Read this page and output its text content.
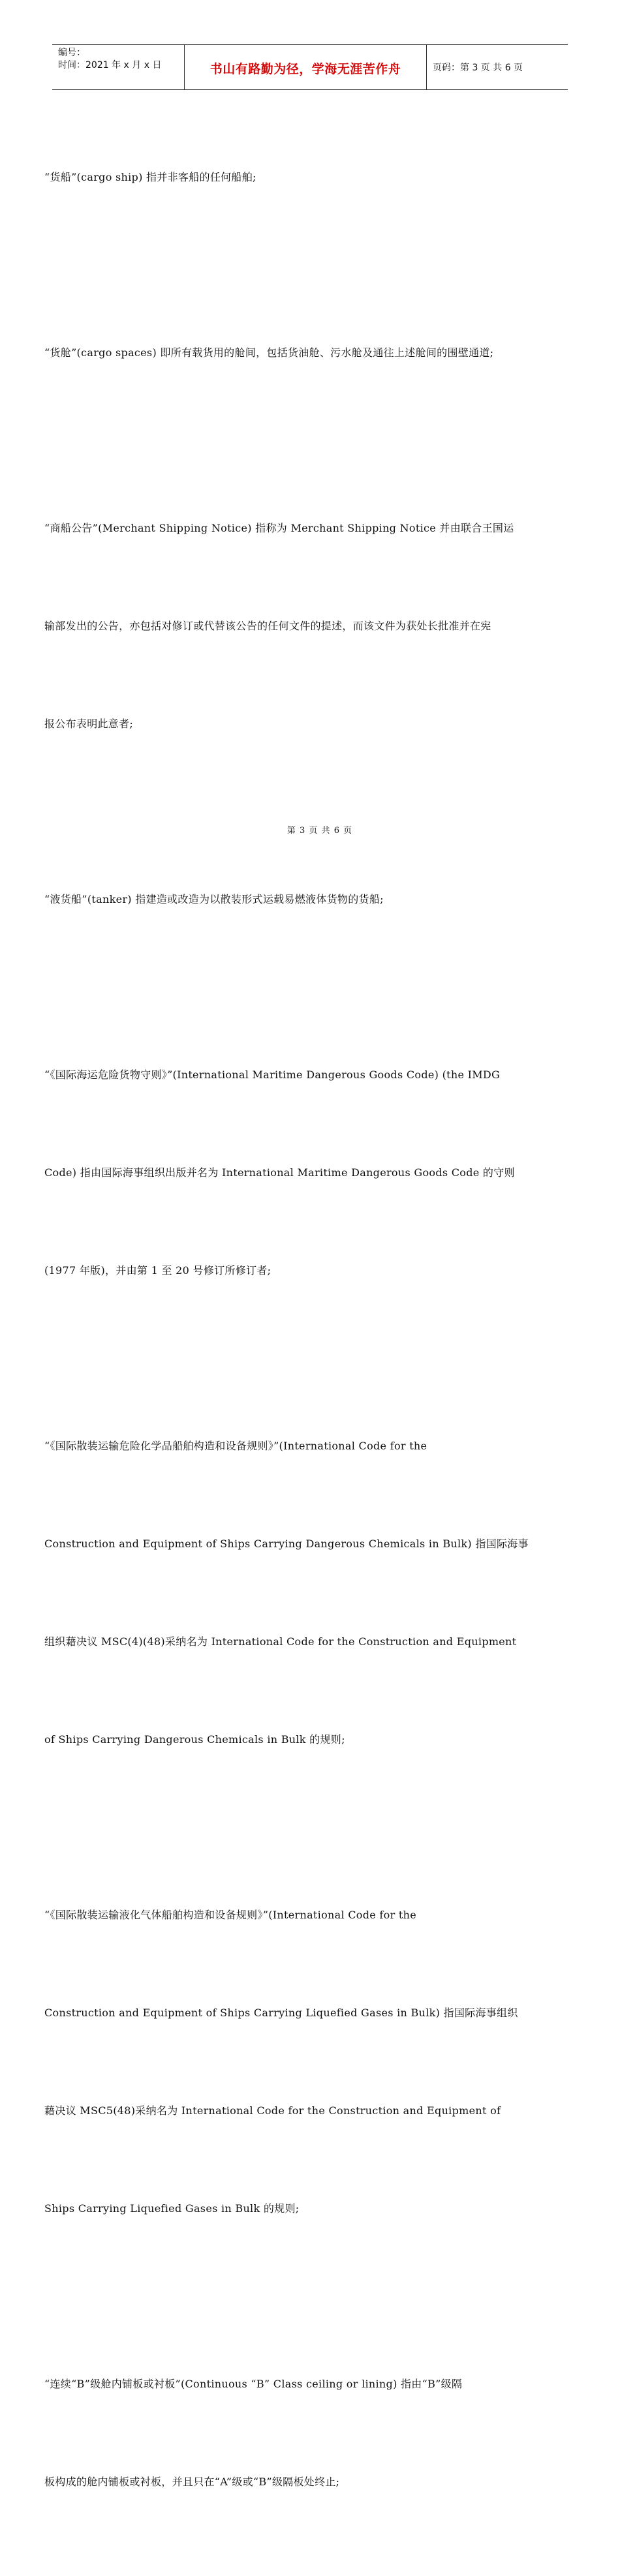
编号：
时间：2021 年 x 月 x 日	书山有路勤为径，学海无涯苦作舟	页码：第 3 页 共 6 页

“货船”(cargo ship) 指并非客船的任何船舶;

“货舱”(cargo spaces) 即所有载货用的舱间，包括货油舱、污水舱及通往上述舱间的围壁通道;

“商船公告”(Merchant Shipping Notice) 指称为 Merchant Shipping Notice 并由联合王国运

输部发出的公告，亦包括对修订或代替该公告的任何文件的提述，而该文件为获处长批准并在宪

报公布表明此意者;

“液货船”(tanker) 指建造或改造为以散装形式运载易燃液体货物的货船;

“《国际海运危险货物守则》”(International Maritime Dangerous Goods Code) (the IMDG

Code) 指由国际海事组织出版并名为 International Maritime Dangerous Goods Code 的守则

(1977 年版)，并由第 1 至 20 号修订所修订者;

“《国际散装运输危险化学品船舶构造和设备规则》”(International Code for the

Construction and Equipment of Ships Carrying Dangerous Chemicals in Bulk) 指国际海事

组织藉决议 MSC(4)(48)采纳名为 International Code for the Construction and Equipment

of Ships Carrying Dangerous Chemicals in Bulk 的规则;

“《国际散装运输液化气体船舶构造和设备规则》”(International Code for the

Construction and Equipment of Ships Carrying Liquefied Gases in Bulk) 指国际海事组织

藉决议 MSC5(48)采纳名为 International Code for the Construction and Equipment of

Ships Carrying Liquefied Gases in Bulk 的规则;

“连续“B”级舱内铺板或衬板”(Continuous “B” Class ceiling or lining) 指由“B”级隔

板构成的舱内铺板或衬板，并且只在“A”级或“B”级隔板处终止;

第 3 页 共 6 页
